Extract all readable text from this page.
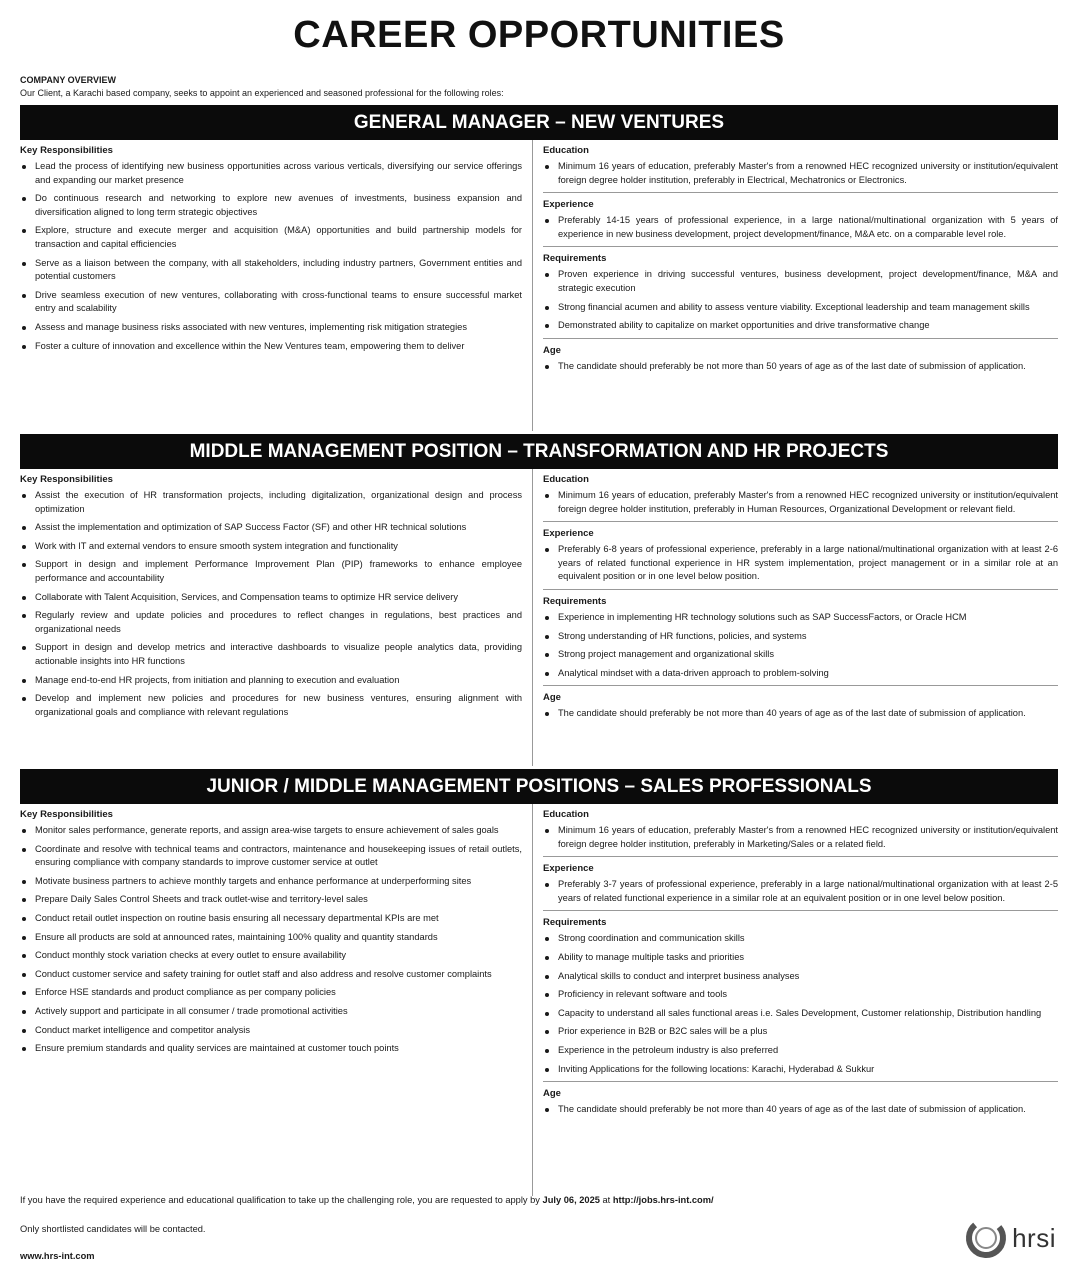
CAREER OPPORTUNITIES
COMPANY OVERVIEW
Our Client, a Karachi based company, seeks to appoint an experienced and seasoned professional for the following roles:
GENERAL MANAGER – NEW VENTURES
Key Responsibilities
Lead the process of identifying new business opportunities across various verticals, diversifying our service offerings and expanding our market presence
Do continuous research and networking to explore new avenues of investments, business expansion and diversification aligned to long term strategic objectives
Explore, structure and execute merger and acquisition (M&A) opportunities and build partnership models for transaction and capital efficiencies
Serve as a liaison between the company, with all stakeholders, including industry partners, Government entities and potential customers
Drive seamless execution of new ventures, collaborating with cross-functional teams to ensure successful market entry and scalability
Assess and manage business risks associated with new ventures, implementing risk mitigation strategies
Foster a culture of innovation and excellence within the New Ventures team, empowering them to deliver
Education
Minimum 16 years of education, preferably Master's from a renowned HEC recognized university or institution/equivalent foreign degree holder institution, preferably in Electrical, Mechatronics or Electronics.
Experience
Preferably 14-15 years of professional experience, in a large national/multinational organization with 5 years of experience in new business development, project development/finance, M&A etc. on a comparable level role.
Requirements
Proven experience in driving successful ventures, business development, project development/finance, M&A and strategic execution
Strong financial acumen and ability to assess venture viability. Exceptional leadership and team management skills
Demonstrated ability to capitalize on market opportunities and drive transformative change
Age
The candidate should preferably be not more than 50 years of age as of the last date of submission of application.
MIDDLE MANAGEMENT POSITION – TRANSFORMATION AND HR PROJECTS
Key Responsibilities
Assist the execution of HR transformation projects, including digitalization, organizational design and process optimization
Assist the implementation and optimization of SAP Success Factor (SF) and other HR technical solutions
Work with IT and external vendors to ensure smooth system integration and functionality
Support in design and implement Performance Improvement Plan (PIP) frameworks to enhance employee performance and accountability
Collaborate with Talent Acquisition, Services, and Compensation teams to optimize HR service delivery
Regularly review and update policies and procedures to reflect changes in regulations, best practices and organizational needs
Support in design and develop metrics and interactive dashboards to visualize people analytics data, providing actionable insights into HR functions
Manage end-to-end HR projects, from initiation and planning to execution and evaluation
Develop and implement new policies and procedures for new business ventures, ensuring alignment with organizational goals and compliance with relevant regulations
Education
Minimum 16 years of education, preferably Master's from a renowned HEC recognized university or institution/equivalent foreign degree holder institution, preferably in Human Resources, Organizational Development or relevant field.
Experience
Preferably 6-8 years of professional experience, preferably in a large national/multinational organization with at least 2-6 years of related functional experience in HR system implementation, project management or in a similar role at an equivalent position or in one level below position.
Requirements
Experience in implementing HR technology solutions such as SAP SuccessFactors, or Oracle HCM
Strong understanding of HR functions, policies, and systems
Strong project management and organizational skills
Analytical mindset with a data-driven approach to problem-solving
Age
The candidate should preferably be not more than 40 years of age as of the last date of submission of application.
JUNIOR / MIDDLE MANAGEMENT POSITIONS – SALES PROFESSIONALS
Key Responsibilities
Monitor sales performance, generate reports, and assign area-wise targets to ensure achievement of sales goals
Coordinate and resolve with technical teams and contractors, maintenance and housekeeping issues of retail outlets, ensuring compliance with company standards to improve customer service at outlet
Motivate business partners to achieve monthly targets and enhance performance at underperforming sites
Prepare Daily Sales Control Sheets and track outlet-wise and territory-level sales
Conduct retail outlet inspection on routine basis ensuring all necessary departmental KPIs are met
Ensure all products are sold at announced rates, maintaining 100% quality and quantity standards
Conduct monthly stock variation checks at every outlet to ensure availability
Conduct customer service and safety training for outlet staff and also address and resolve customer complaints
Enforce HSE standards and product compliance as per company policies
Actively support and participate in all consumer / trade promotional activities
Conduct market intelligence and competitor analysis
Ensure premium standards and quality services are maintained at customer touch points
Education
Minimum 16 years of education, preferably Master's from a renowned HEC recognized university or institution/equivalent foreign degree holder institution, preferably in Marketing/Sales or a related field.
Experience
Preferably 3-7 years of professional experience, preferably in a large national/multinational organization with at least 2-5 years of related functional experience in a similar role at an equivalent position or in one level below position.
Requirements
Strong coordination and communication skills
Ability to manage multiple tasks and priorities
Analytical skills to conduct and interpret business analyses
Proficiency in relevant software and tools
Capacity to understand all sales functional areas i.e. Sales Development, Customer relationship, Distribution handling
Prior experience in B2B or B2C sales will be a plus
Experience in the petroleum industry is also preferred
Inviting Applications for the following locations: Karachi, Hyderabad & Sukkur
Age
The candidate should preferably be not more than 40 years of age as of the last date of submission of application.
If you have the required experience and educational qualification to take up the challenging role, you are requested to apply by July 06, 2025 at http://jobs.hrs-int.com/
Only shortlisted candidates will be contacted.
www.hrs-int.com
hrsi
